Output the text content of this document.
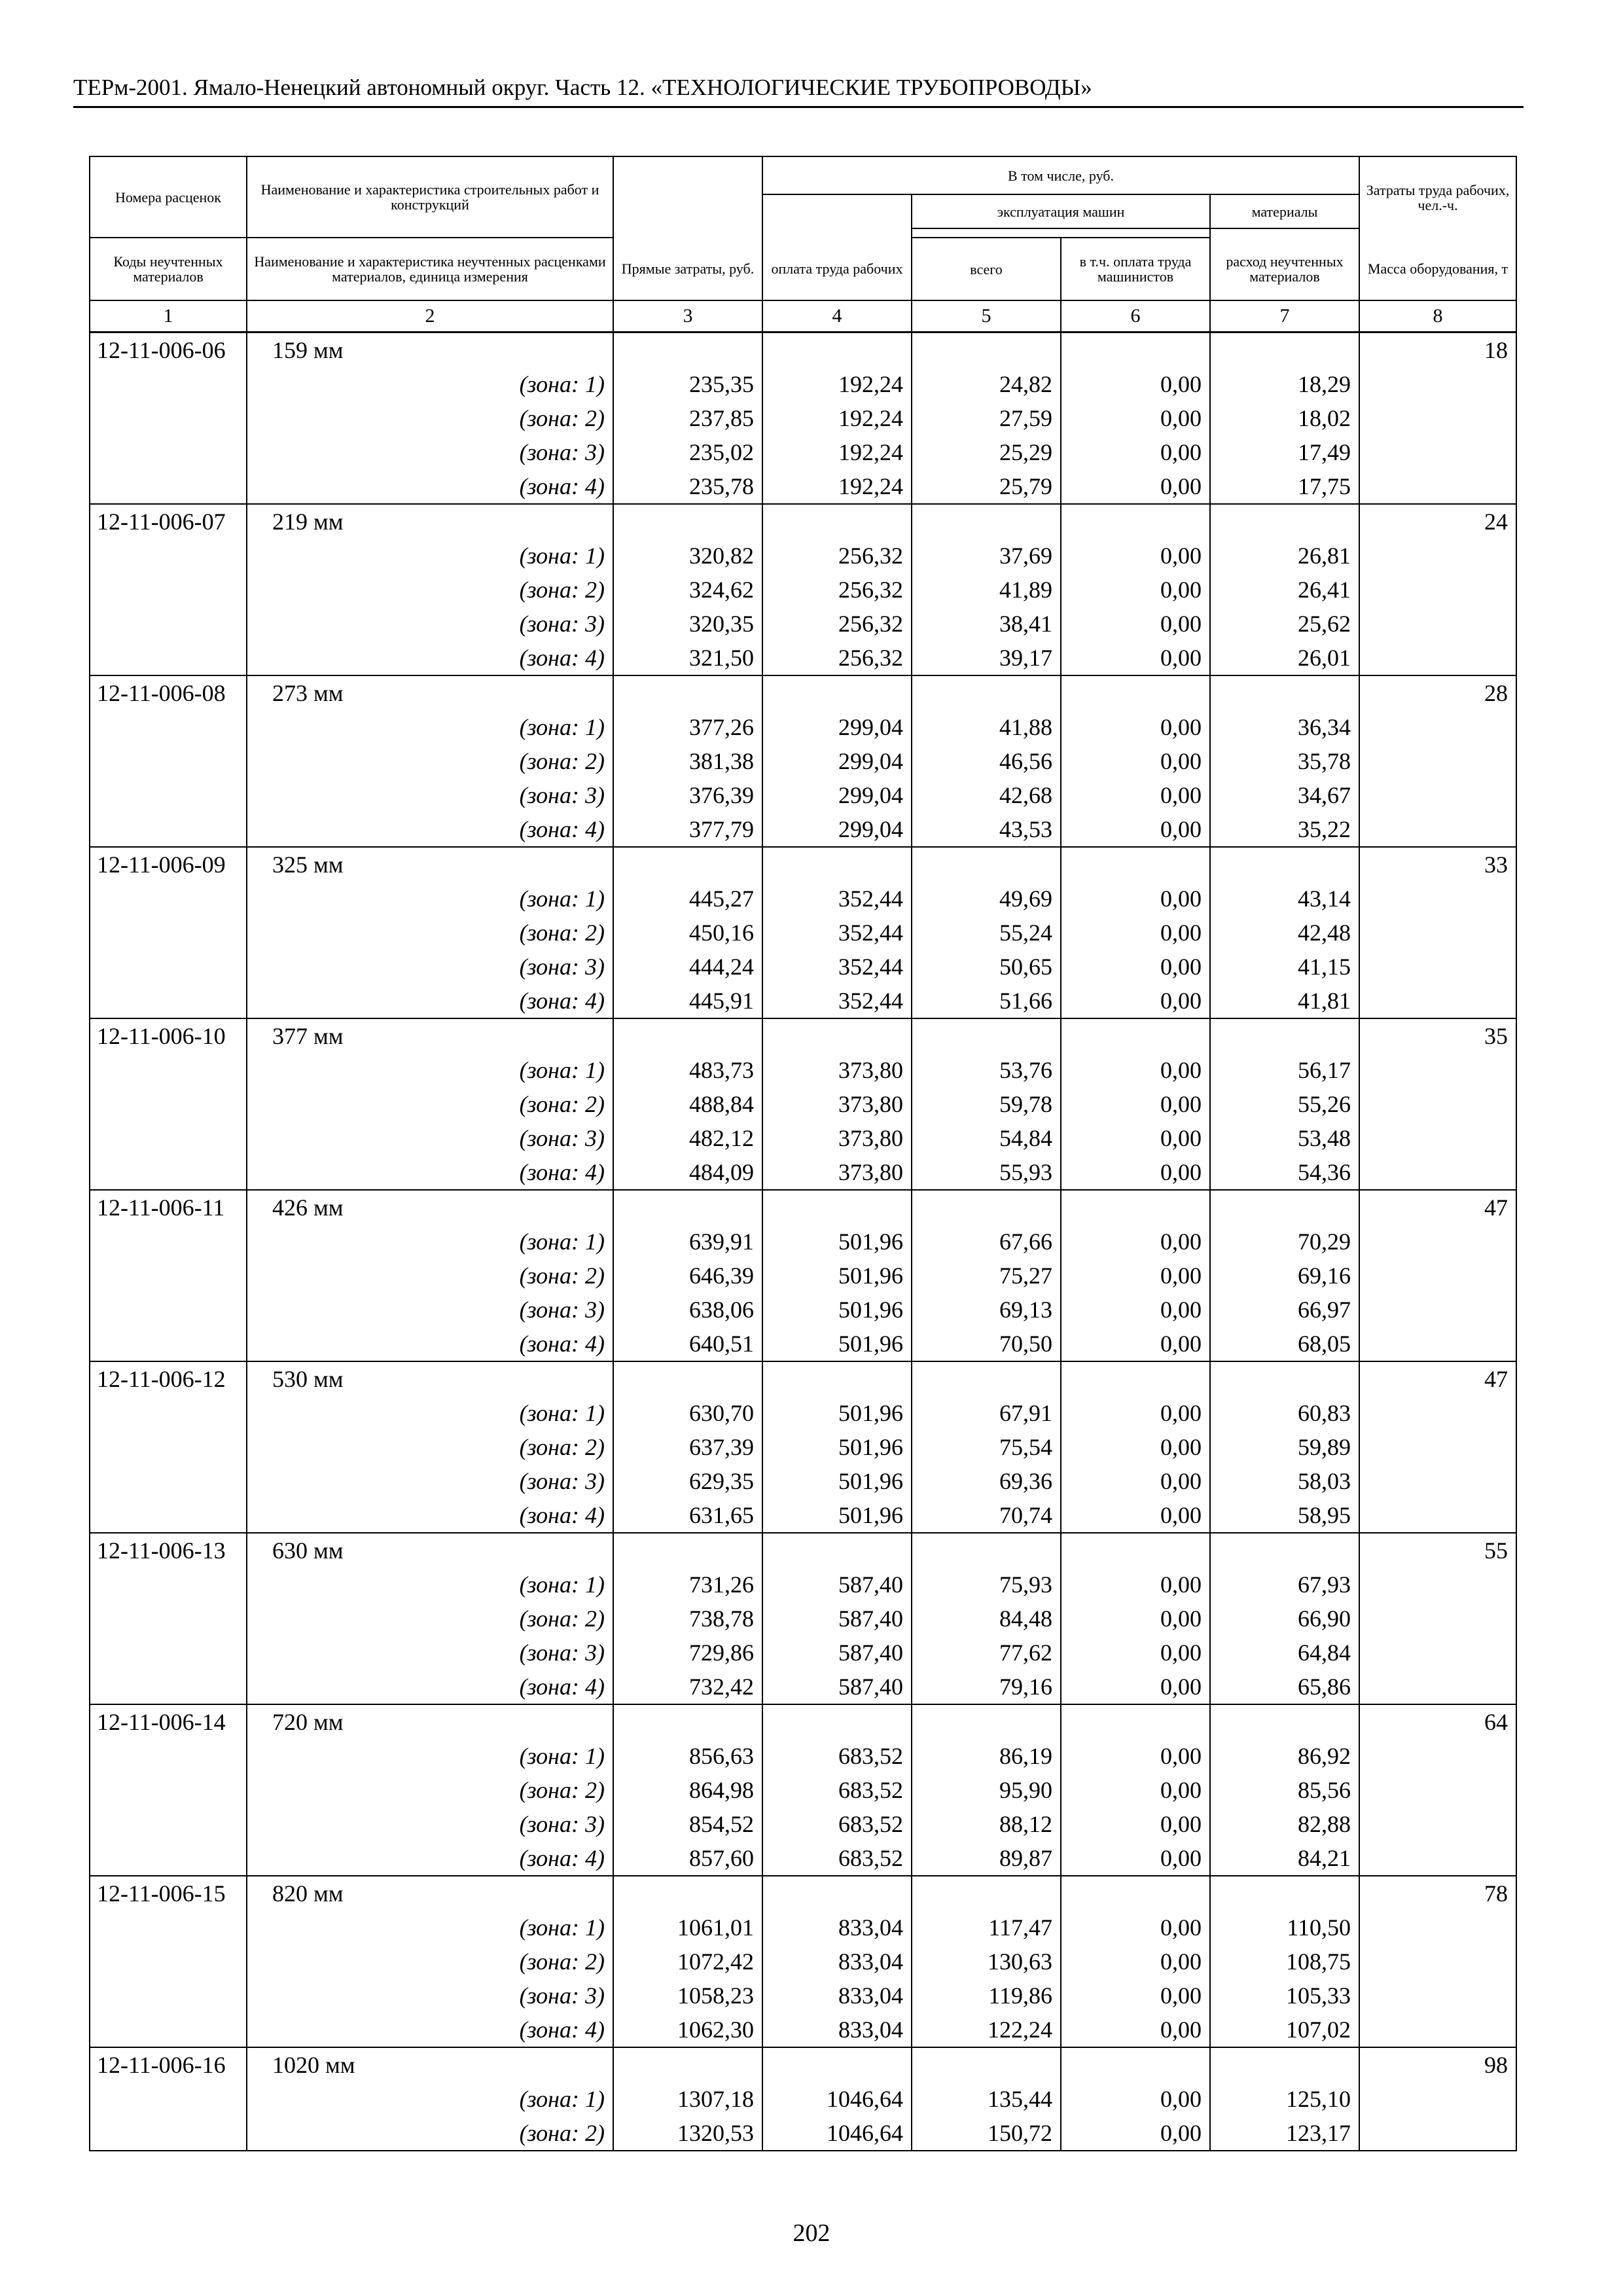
ТЕРм-2001. Ямало-Ненецкий автономный округ. Часть 12. «ТЕХНОЛОГИЧЕСКИЕ ТРУБОПРОВОДЫ»
Номера расценок	Наименование и характеристика строительных работ и конструкций		В том числе, руб.				Затраты труда рабочих, чел.-ч.
				эксплуатация машин		материалы	

Коды неучтенных материалов	Наименование и характеристика неучтенных расценками материалов, единица измерения	Прямые затраты, руб.	оплата труда рабочих	всего	в т.ч. оплата труда машинистов	расход неучтенных материалов	Масса оборудования, т
1	2	3	4	5	6	7	8
12-11-006-06	159 мм						18
	(зона: 1)	235,35	192,24	24,82	0,00	18,29	
	(зона: 2)	237,85	192,24	27,59	0,00	18,02	
	(зона: 3)	235,02	192,24	25,29	0,00	17,49	
	(зона: 4)	235,78	192,24	25,79	0,00	17,75	
12-11-006-07	219 мм						24
	(зона: 1)	320,82	256,32	37,69	0,00	26,81	
	(зона: 2)	324,62	256,32	41,89	0,00	26,41	
	(зона: 3)	320,35	256,32	38,41	0,00	25,62	
	(зона: 4)	321,50	256,32	39,17	0,00	26,01	
12-11-006-08	273 мм						28
	(зона: 1)	377,26	299,04	41,88	0,00	36,34	
	(зона: 2)	381,38	299,04	46,56	0,00	35,78	
	(зона: 3)	376,39	299,04	42,68	0,00	34,67	
	(зона: 4)	377,79	299,04	43,53	0,00	35,22	
12-11-006-09	325 мм						33
	(зона: 1)	445,27	352,44	49,69	0,00	43,14	
	(зона: 2)	450,16	352,44	55,24	0,00	42,48	
	(зона: 3)	444,24	352,44	50,65	0,00	41,15	
	(зона: 4)	445,91	352,44	51,66	0,00	41,81	
12-11-006-10	377 мм						35
	(зона: 1)	483,73	373,80	53,76	0,00	56,17	
	(зона: 2)	488,84	373,80	59,78	0,00	55,26	
	(зона: 3)	482,12	373,80	54,84	0,00	53,48	
	(зона: 4)	484,09	373,80	55,93	0,00	54,36	
12-11-006-11	426 мм						47
	(зона: 1)	639,91	501,96	67,66	0,00	70,29	
	(зона: 2)	646,39	501,96	75,27	0,00	69,16	
	(зона: 3)	638,06	501,96	69,13	0,00	66,97	
	(зона: 4)	640,51	501,96	70,50	0,00	68,05	
12-11-006-12	530 мм						47
	(зона: 1)	630,70	501,96	67,91	0,00	60,83	
	(зона: 2)	637,39	501,96	75,54	0,00	59,89	
	(зона: 3)	629,35	501,96	69,36	0,00	58,03	
	(зона: 4)	631,65	501,96	70,74	0,00	58,95	
12-11-006-13	630 мм						55
	(зона: 1)	731,26	587,40	75,93	0,00	67,93	
	(зона: 2)	738,78	587,40	84,48	0,00	66,90	
	(зона: 3)	729,86	587,40	77,62	0,00	64,84	
	(зона: 4)	732,42	587,40	79,16	0,00	65,86	
12-11-006-14	720 мм						64
	(зона: 1)	856,63	683,52	86,19	0,00	86,92	
	(зона: 2)	864,98	683,52	95,90	0,00	85,56	
	(зона: 3)	854,52	683,52	88,12	0,00	82,88	
	(зона: 4)	857,60	683,52	89,87	0,00	84,21	
12-11-006-15	820 мм						78
	(зона: 1)	1061,01	833,04	117,47	0,00	110,50	
	(зона: 2)	1072,42	833,04	130,63	0,00	108,75	
	(зона: 3)	1058,23	833,04	119,86	0,00	105,33	
	(зона: 4)	1062,30	833,04	122,24	0,00	107,02	
12-11-006-16	1020 мм						98
	(зона: 1)	1307,18	1046,64	135,44	0,00	125,10	
	(зона: 2)	1320,53	1046,64	150,72	0,00	123,17	
202
